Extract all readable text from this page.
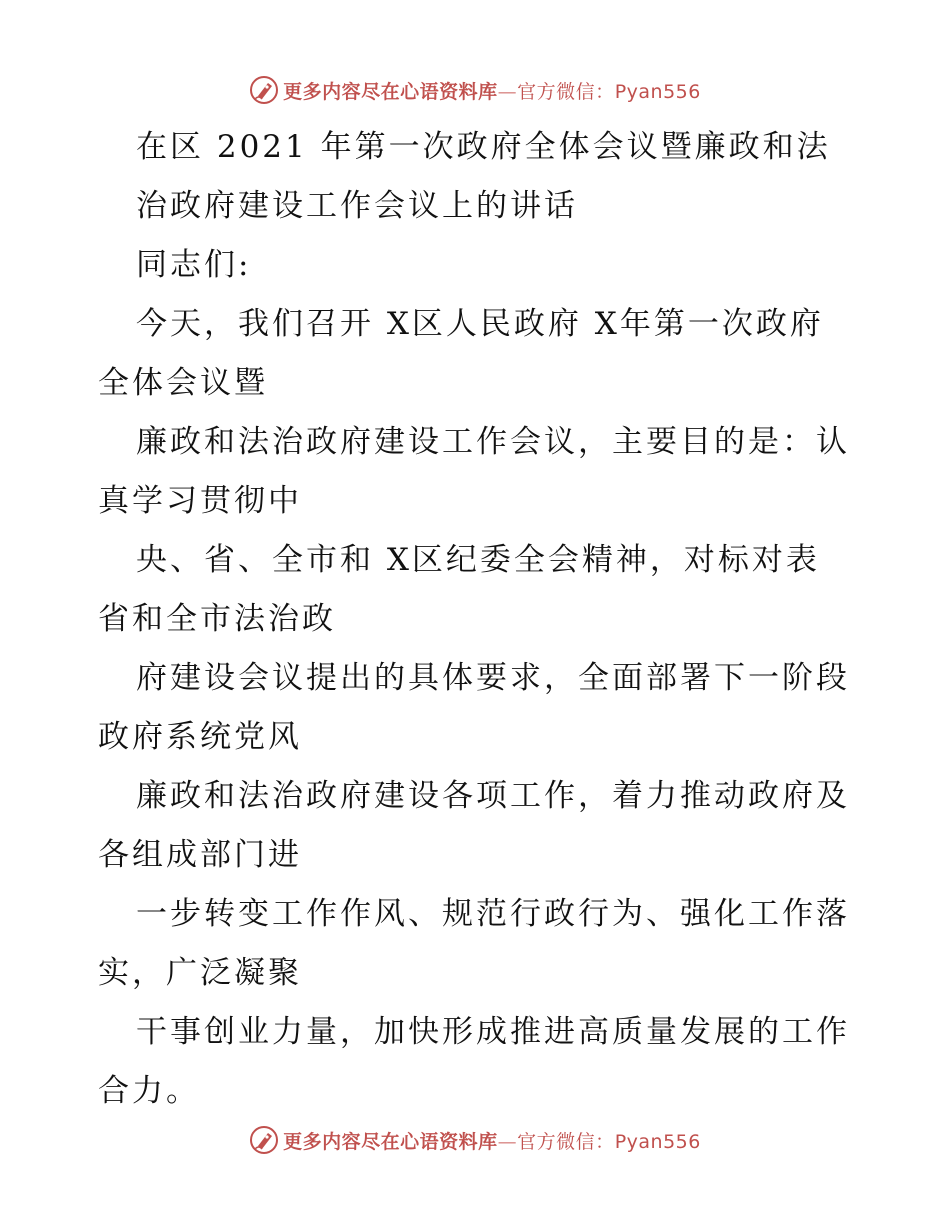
更多内容尽在心语资料库—官方微信：Pyan556
在区 2021 年第一次政府全体会议暨廉政和法
治政府建设工作会议上的讲话
同志们:
今天，我们召开 X区人民政府 X年第一次政府
全体会议暨
廉政和法治政府建设工作会议，主要目的是：认
真学习贯彻中
央、省、全市和 X区纪委全会精神，对标对表
省和全市法治政
府建设会议提出的具体要求，全面部署下一阶段
政府系统党风
廉政和法治政府建设各项工作，着力推动政府及
各组成部门进
一步转变工作作风、规范行政行为、强化工作落
实，广泛凝聚
干事创业力量，加快形成推进高质量发展的工作
合力。
更多内容尽在心语资料库—官方微信：Pyan556
